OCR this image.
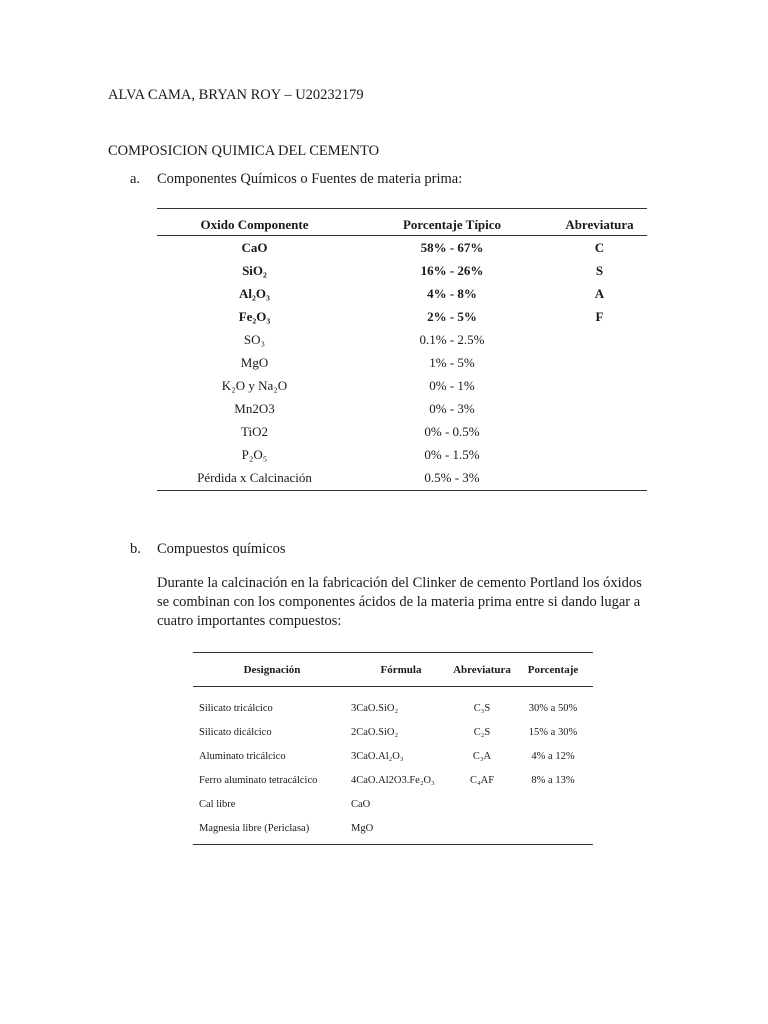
ALVA CAMA, BRYAN ROY – U20232179
COMPOSICION QUIMICA DEL CEMENTO
a. Componentes Químicos o Fuentes de materia prima:
Oxido Componente	Porcentaje Típico	Abreviatura
CaO	58% - 67%	C
SiO₂	16% - 26%	S
Al₂O₃	4% - 8%	A
Fe₂O₃	2% - 5%	F
SO₃	0.1% - 2.5%
MgO	1% - 5%
K₂O y Na₂O	0% - 1%
Mn2O3	0% - 3%
TiO2	0% - 0.5%
P₂O₅	0% - 1.5%
Pérdida x Calcinación	0.5% - 3%
b. Compuestos químicos
Durante la calcinación en la fabricación del Clinker de cemento Portland los óxidos se combinan con los componentes ácidos de la materia prima entre si dando lugar a cuatro importantes compuestos:
Designación	Fórmula	Abreviatura	Porcentaje
Silicato tricálcico	3CaO.SiO₂	C₃S	30% a 50%
Silicato dicálcico	2CaO.SiO₂	C₂S	15% a 30%
Aluminato tricálcico	3CaO.Al₂O₃	C₃A	4% a 12%
Ferro aluminato tetracálcico	4CaO.Al2O3.Fe₂O₃	C₄AF	8% a 13%
Cal libre	CaO
Magnesia libre (Periclasa)	MgO
